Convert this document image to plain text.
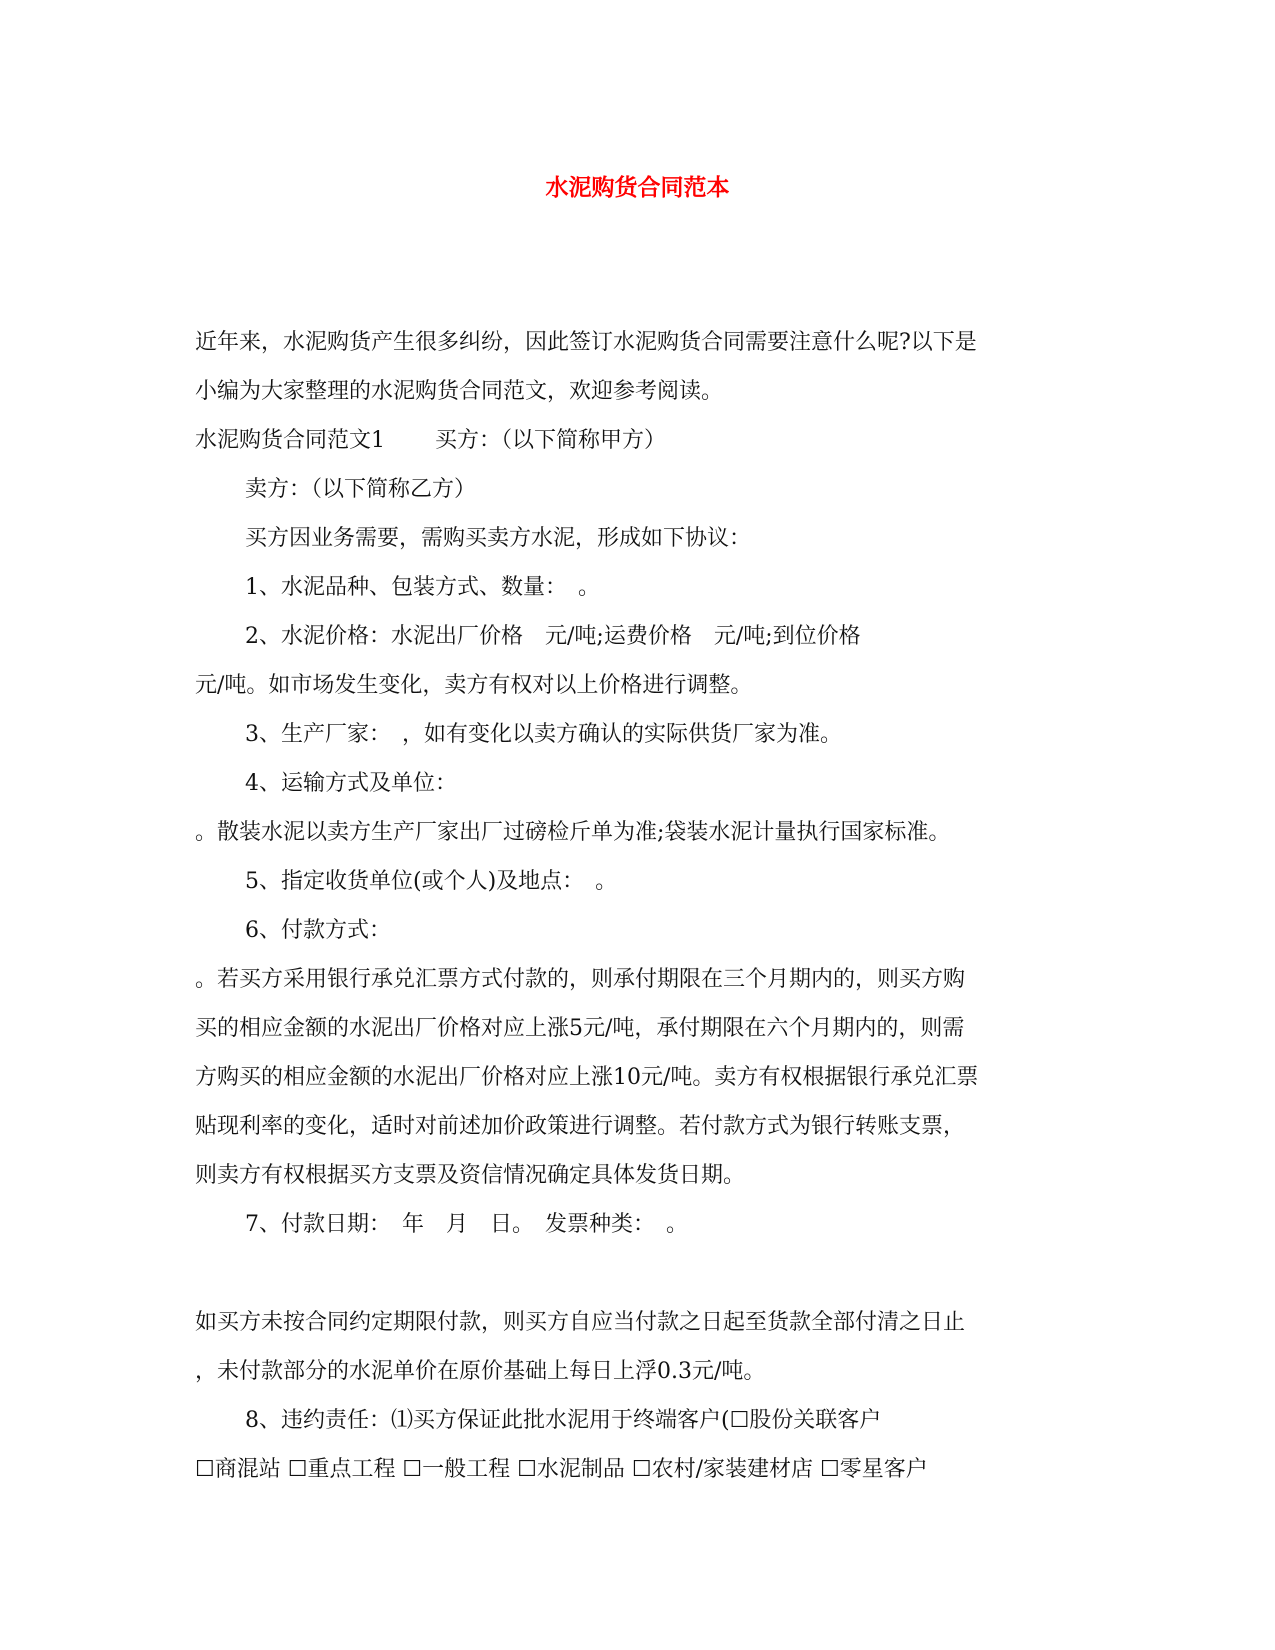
水泥购货合同范本
近年来，水泥购货产生很多纠纷，因此签订水泥购货合同需要注意什么呢?以下是
小编为大家整理的水泥购货合同范文，欢迎参考阅读。
水泥购货合同范文1 买方：（以下简称甲方）
卖方：（以下简称乙方）
买方因业务需要，需购买卖方水泥，形成如下协议：
1、水泥品种、包装方式、数量：　。
2、水泥价格：水泥出厂价格　元/吨;运费价格　元/吨;到位价格
元/吨。如市场发生变化，卖方有权对以上价格进行调整。
3、生产厂家：　，如有变化以卖方确认的实际供货厂家为准。
4、运输方式及单位：
。散装水泥以卖方生产厂家出厂过磅检斤单为准;袋装水泥计量执行国家标准。
5、指定收货单位(或个人)及地点：　。
6、付款方式：
。若买方采用银行承兑汇票方式付款的，则承付期限在三个月期内的，则买方购
买的相应金额的水泥出厂价格对应上涨5元/吨，承付期限在六个月期内的，则需
方购买的相应金额的水泥出厂价格对应上涨10元/吨。卖方有权根据银行承兑汇票
贴现利率的变化，适时对前述加价政策进行调整。若付款方式为银行转账支票，
则卖方有权根据买方支票及资信情况确定具体发货日期。
7、付款日期：　年　月　日。　发票种类：　。
如买方未按合同约定期限付款，则买方自应当付款之日起至货款全部付清之日止
，未付款部分的水泥单价在原价基础上每日上浮0.3元/吨。
8、违约责任：⑴买方保证此批水泥用于终端客户(☐股份关联客户
☐商混站 ☐重点工程 ☐一般工程 ☐水泥制品 ☐农村/家装建材店 ☐零星客户
